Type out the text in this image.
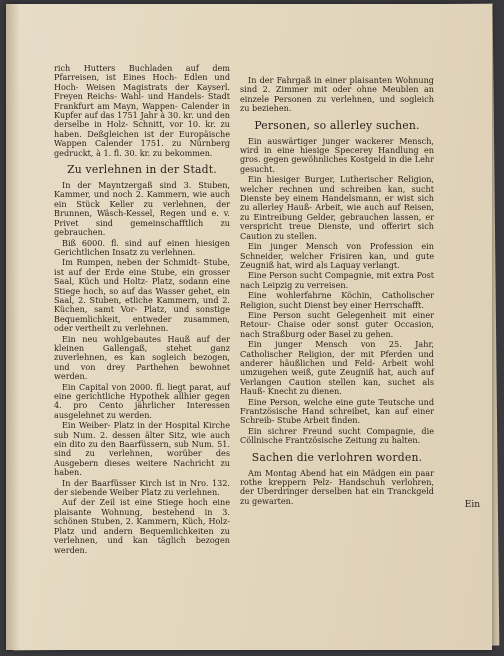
rich Hutters Buchladen auf dem Pfarreisen, ist Eines Hoch- Edlen und Hoch- Weisen Magistrats der Kayserl. Freyen Reichs- Wahl- und Handels- Stadt Frankfurt am Mayn, Wappen- Calender in Kupfer auf das 1751 Jahr à 30. kr. und den derselbe in Holz- Schnitt, vor 10. kr. zu haben. Deßgleichen ist der Europäische Wappen Calender 1751. zu Nürnberg gedruckt, à 1. fl. 30. kr. zu bekommen.

Zu verlehnen in der Stadt.

In der Mayntzergaß sind 3. Stuben, Kammer, und noch 2. Kammern, wie auch ein Stück Keller zu verlehnen, der Brunnen, Wäsch-Kessel, Regen und e. v. Privet sind gemeinschafftlich zu gebrauchen.

Biß 6000. fl. sind auf einen hiesigen Gerichtlichen Insatz zu verlehnen.

Im Rumpen, neben der Schmidt- Stube, ist auf der Erde eine Stube, ein grosser Saal, Küch und Holtz- Platz, sodann eine Stiege hoch, so auf das Wasser gehet, ein Saal, 2. Stuben, etliche Kammern, und 2. Küchen, samt Vor- Platz, und sonstige Bequemlichkeit, entweder zusammen, oder vertheilt zu verlehnen.

Ein neu wohlgebautes Hauß auf der kleinen Gallengaß, stehet ganz zuverlehnen, es kan sogleich bezogen, und von drey Parthehen bewohnet werden.

Ein Capital von 2000. fl. liegt parat, auf eine gerichtliche Hypothek allhier gegen 4. pro Cento jährlicher Interessen ausgelehnet zu werden.

Ein Weiber- Platz in der Hospital Kirche sub Num. 2. dessen älter Sitz, wie auch ein dito zu den Baarfüssern, sub Num. 51. sind zu verlehnen, worüber des Ausgebern dieses weitere Nachricht zu haben.

In der Baarfüsser Kirch ist in Nro. 132. der siebende Weiber Platz zu verlehnen.

Auf der Zeil ist eine Stiege hoch eine plaisante Wohnung, bestehend in 3. schönen Stuben, 2. Kammern, Küch, Holz- Platz und andern Bequemlichkeiten zu verlehnen, und kan täglich bezogen werden.

In der Fahrgaß in einer plaisanten Wohnung sind 2. Zimmer mit oder ohne Meublen an einzele Personen zu verlehnen, und sogleich zu beziehen.

Personen, so allerley suchen.

Ein auswärtiger junger wackerer Mensch, wird in eine hiesige Specerey Handlung en gros. gegen gewöhnliches Kostgeld in die Lehr gesucht.

Ein hiesiger Burger, Lutherischer Religion, welcher rechnen und schreiben kan, sucht Dienste bey einem Handelsmann, er wist sich zu allerley Hauß- Arbeit, wie auch auf Reisen, zu Eintreibung Gelder, gebrauchen lassen, er verspricht treue Dienste, und offerirt sich Caution zu stellen.

Ein junger Mensch von Profession ein Schneider, welcher Frisiren kan, und gute Zeugniß hat, wird als Laquay verlangt.

Eine Person sucht Compagnie, mit extra Post nach Leipzig zu verreisen.

Eine wohlerfahrne Köchin, Catholischer Religion, sucht Dienst bey einer Herrschafft.

Eine Person sucht Gelegenheit mit einer Retour- Chaise oder sonst guter Occasion, nach Straßburg oder Basel zu gehen.

Ein junger Mensch von 25. Jahr, Catholischer Religion, der mit Pferden und anderer häußlichen und Feld- Arbeit wohl umzugehen weiß, gute Zeugniß hat, auch auf Verlangen Caution stellen kan, suchet als Hauß- Knecht zu dienen.

Eine Person, welche eine gute Teutsche und Frantzösische Hand schreibet, kan auf einer Schreib- Stube Arbeit finden.

Ein sichrer Freund sucht Compagnie, die Cöllnische Frantzösische Zeitung zu halten.

Sachen die verlohren worden.

Am Montag Abend hat ein Mädgen ein paar rothe kreppern Pelz- Handschuh verlohren, der Uberdringer derselben hat ein Tranckgeld zu gewarten.	Ein
